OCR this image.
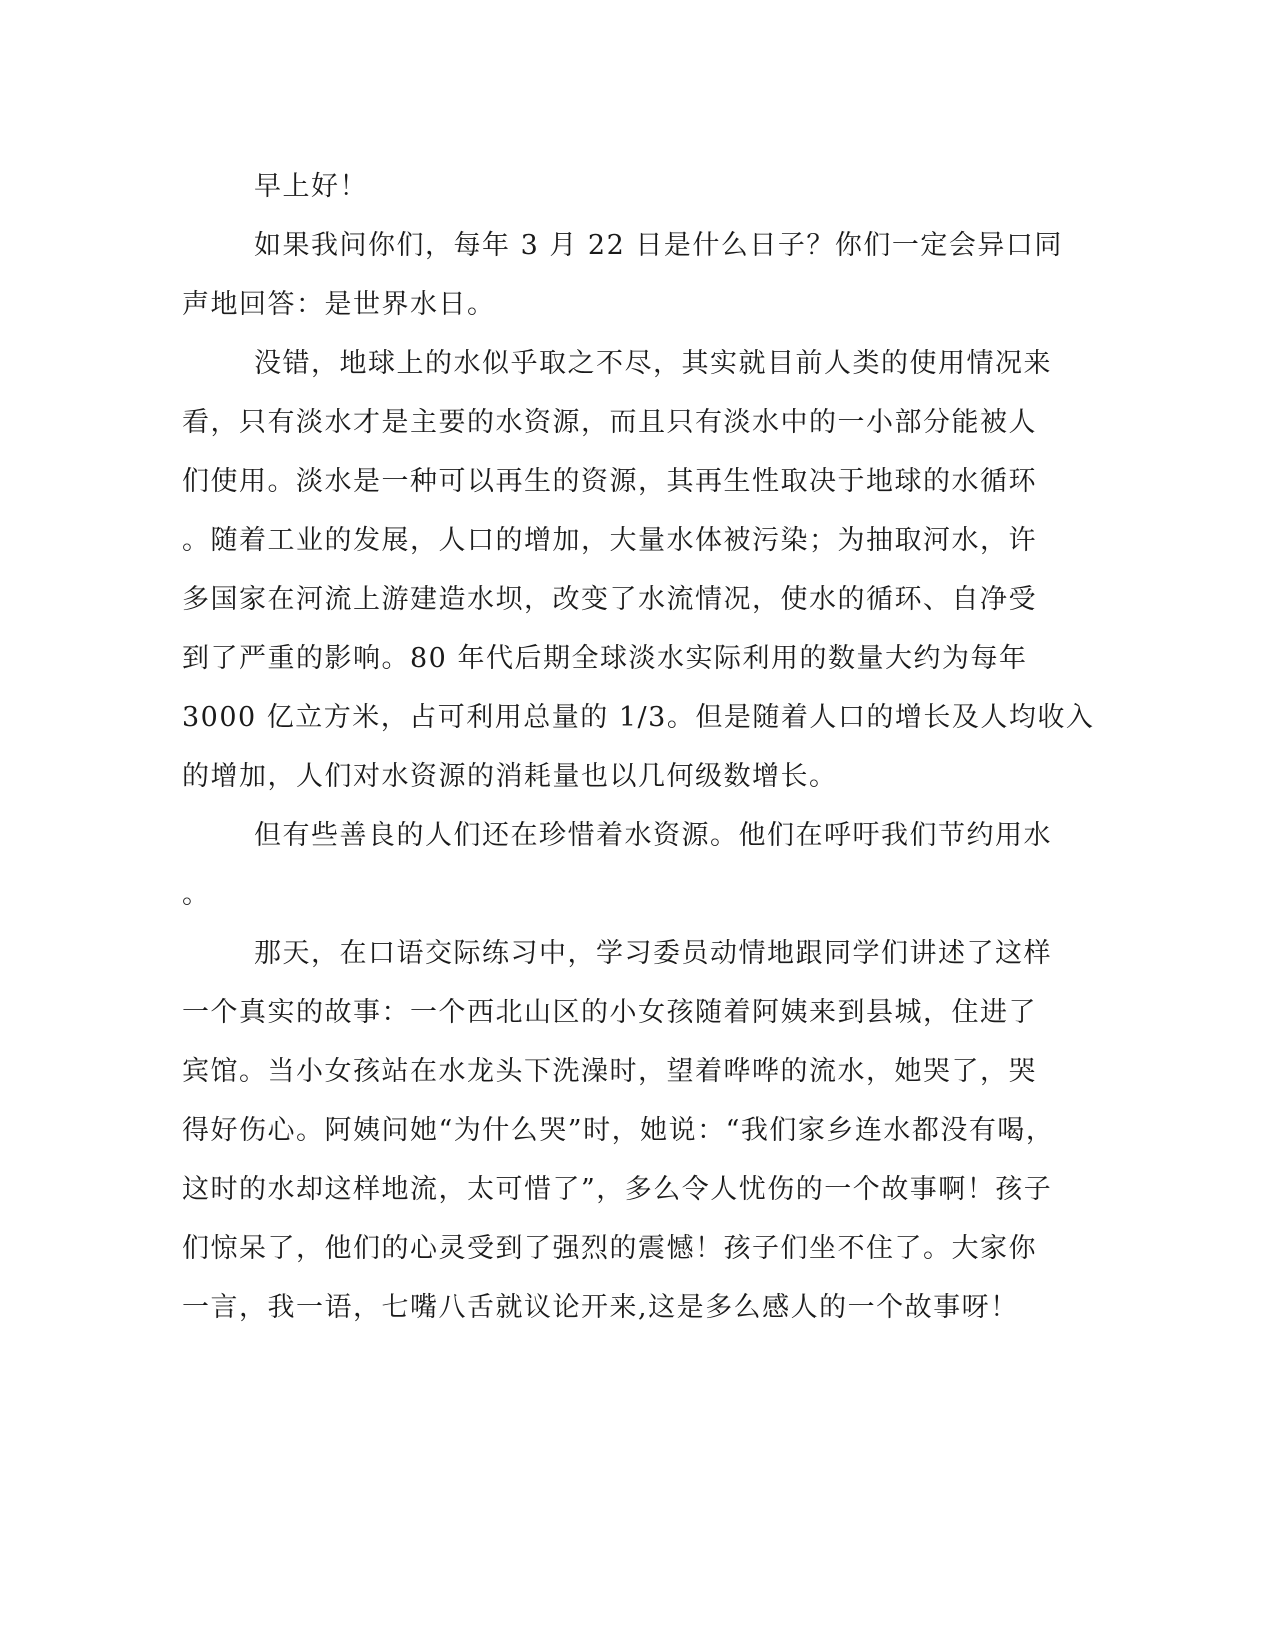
早上好！
如果我问你们，每年 3 月 22 日是什么日子？你们一定会异口同
声地回答：是世界水日。
没错，地球上的水似乎取之不尽，其实就目前人类的使用情况来
看，只有淡水才是主要的水资源，而且只有淡水中的一小部分能被人
们使用。淡水是一种可以再生的资源，其再生性取决于地球的水循环
。随着工业的发展，人口的增加，大量水体被污染；为抽取河水，许
多国家在河流上游建造水坝，改变了水流情况，使水的循环、自净受
到了严重的影响。80 年代后期全球淡水实际利用的数量大约为每年
3000 亿立方米，占可利用总量的 1/3。但是随着人口的增长及人均收入
的增加，人们对水资源的消耗量也以几何级数增长。
但有些善良的人们还在珍惜着水资源。他们在呼吁我们节约用水
。
那天，在口语交际练习中，学习委员动情地跟同学们讲述了这样
一个真实的故事：一个西北山区的小女孩随着阿姨来到县城，住进了
宾馆。当小女孩站在水龙头下洗澡时，望着哗哗的流水，她哭了，哭
得好伤心。阿姨问她“为什么哭”时，她说：“我们家乡连水都没有喝，
这时的水却这样地流，太可惜了”，多么令人忧伤的一个故事啊！孩子
们惊呆了，他们的心灵受到了强烈的震憾！孩子们坐不住了。大家你
一言，我一语，七嘴八舌就议论开来,这是多么感人的一个故事呀！
